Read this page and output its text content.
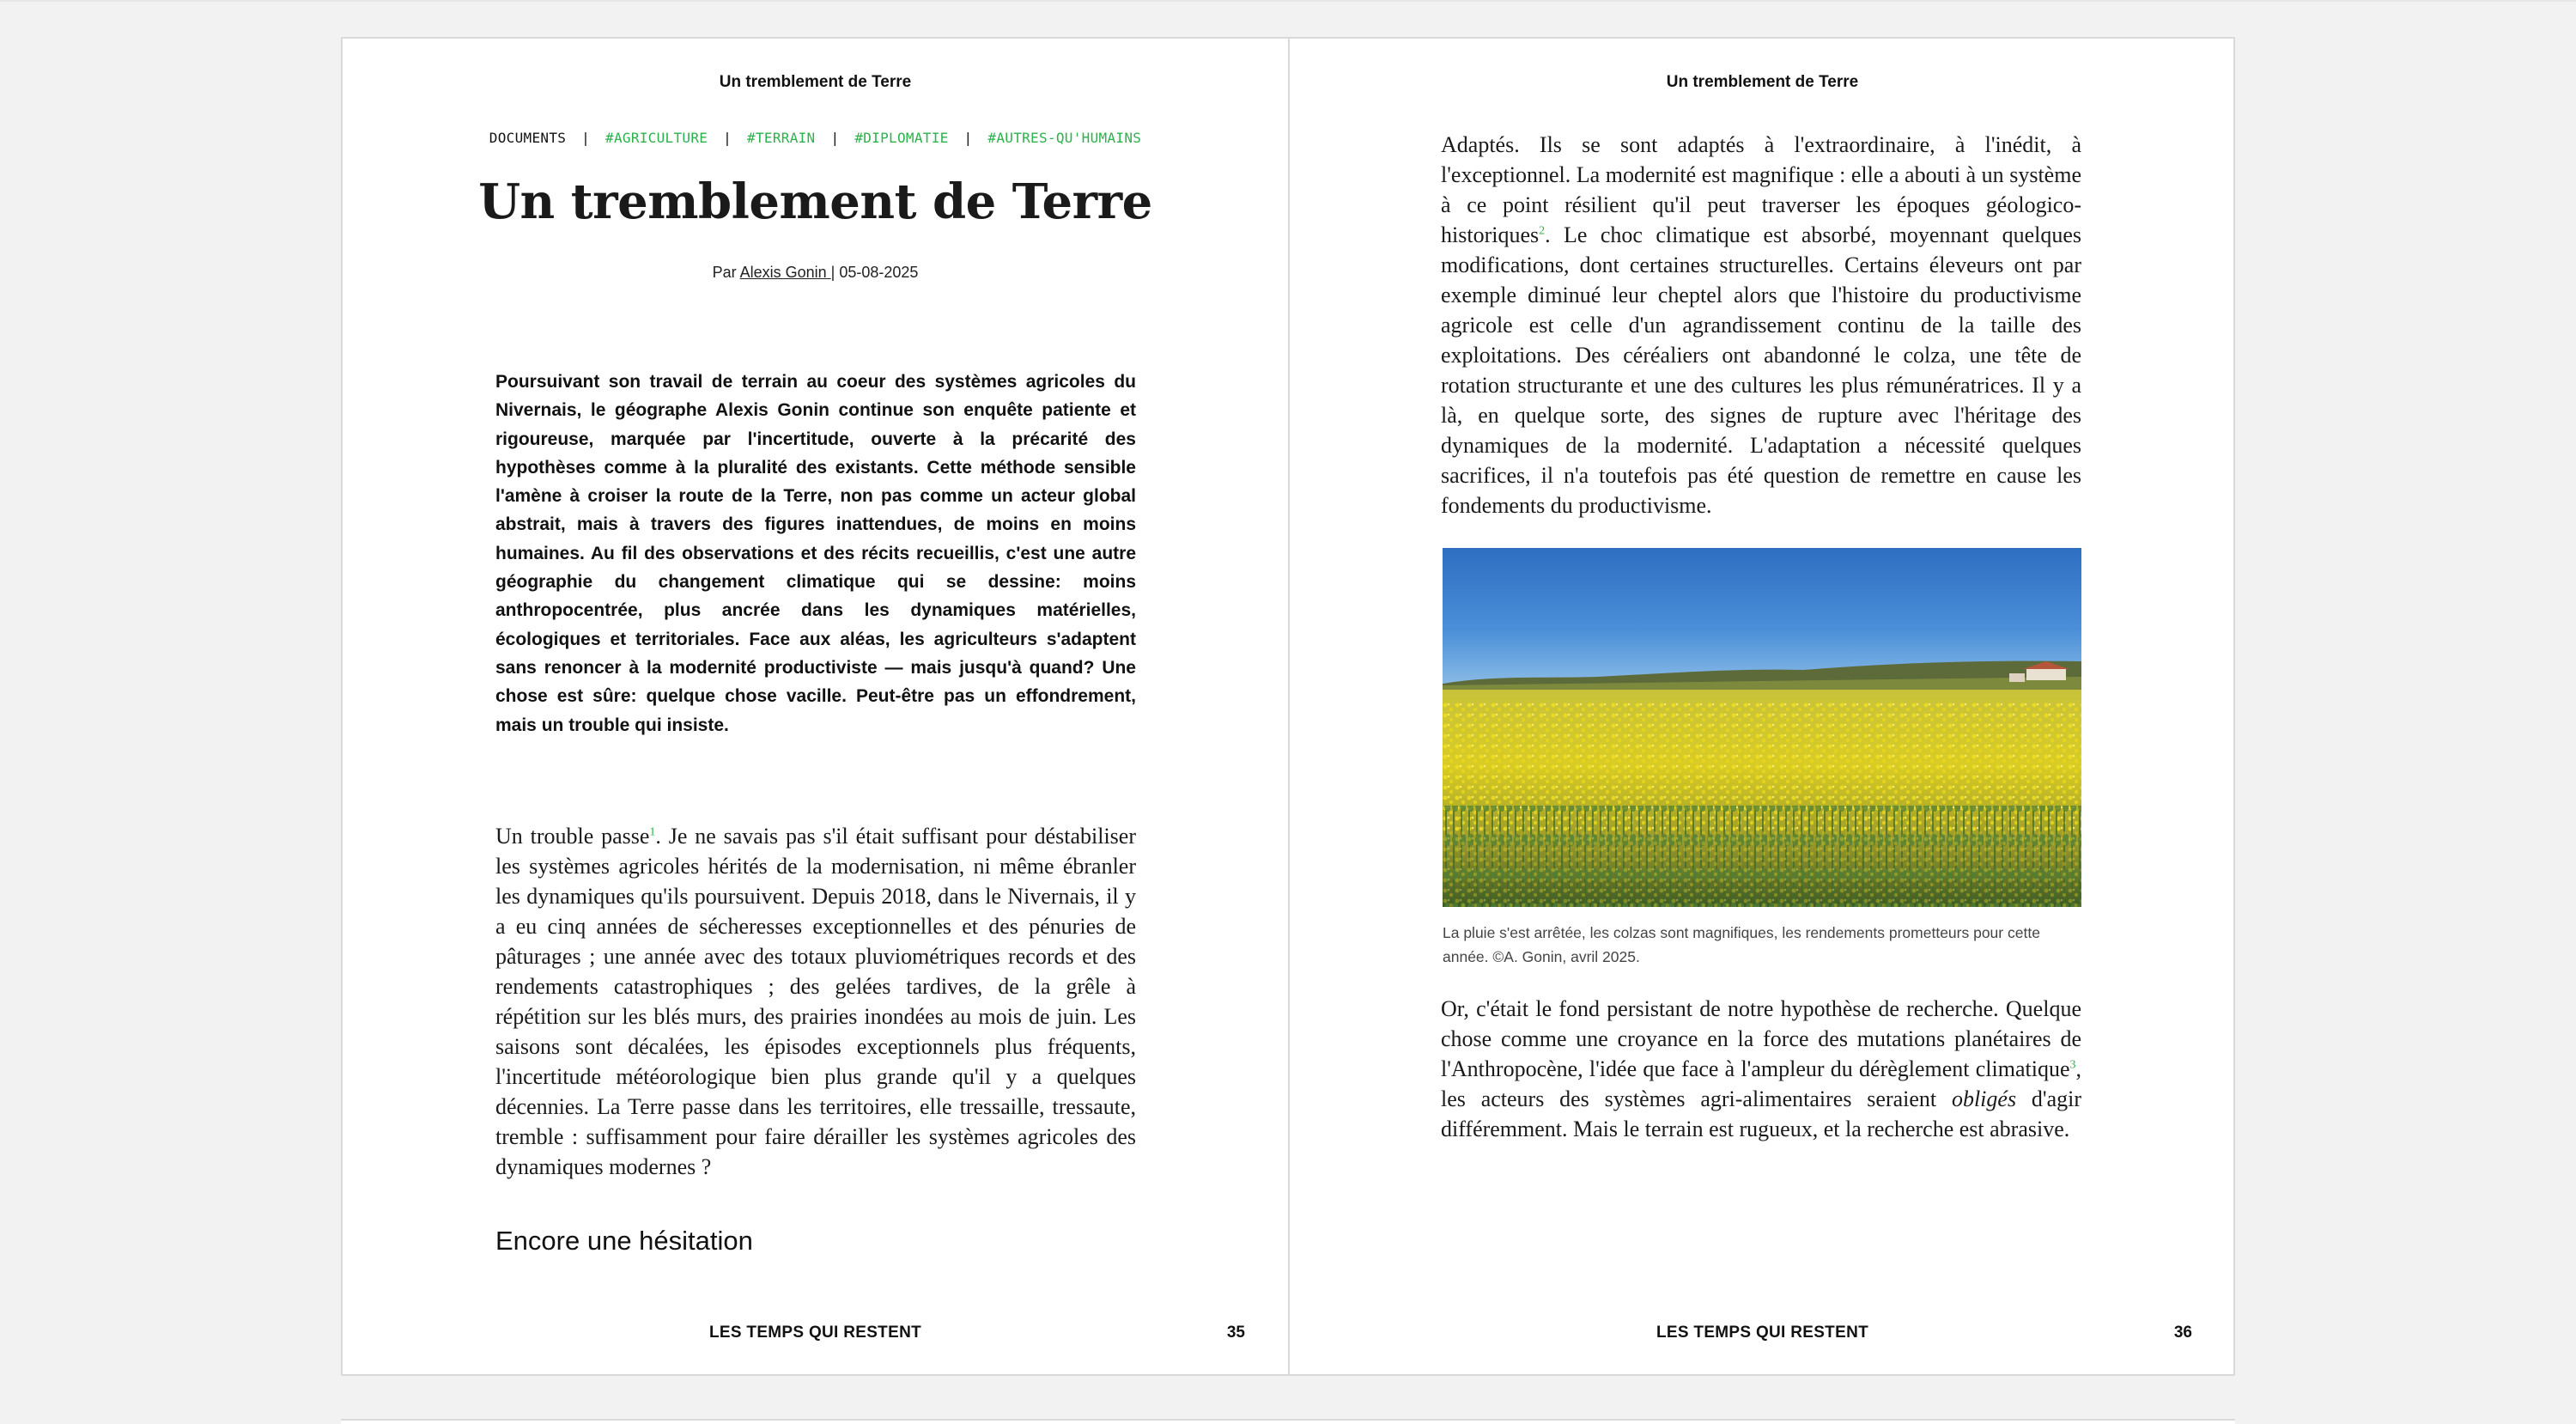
Un tremblement de Terre
DOCUMENTS | #AGRICULTURE | #TERRAIN | #DIPLOMATIE | #AUTRES-QU'HUMAINS
Un tremblement de Terre
Par Alexis Gonin | 05-08-2025

Poursuivant son travail de terrain au coeur des systèmes agricoles du Nivernais, le géographe Alexis Gonin continue son enquête patiente et rigoureuse, marquée par l'incertitude, ouverte à la précarité des hypothèses comme à la pluralité des existants. Cette méthode sensible l'amène à croiser la route de la Terre, non pas comme un acteur global abstrait, mais à travers des figures inattendues, de moins en moins humaines. Au fil des observations et des récits recueillis, c'est une autre géographie du changement climatique qui se dessine: moins anthropocentrée, plus ancrée dans les dynamiques matérielles, écologiques et territoriales. Face aux aléas, les agriculteurs s'adaptent sans renoncer à la modernité productiviste — mais jusqu'à quand? Une chose est sûre: quelque chose vacille. Peut-être pas un effondrement, mais un trouble qui insiste.

Un trouble passe$^1$. Je ne savais pas s'il était suffisant pour déstabiliser les systèmes agricoles hérités de la modernisation, ni même ébranler les dynamiques qu'ils poursuivent. Depuis 2018, dans le Nivernais, il y a eu cinq années de sécheresses exceptionnelles et des pénuries de pâturages ; une année avec des totaux pluviométriques records et des rendements catastrophiques ; des gelées tardives, de la grêle à répétition sur les blés murs, des prairies inondées au mois de juin. Les saisons sont décalées, les épisodes exceptionnels plus fréquents, l'incertitude météorologique bien plus grande qu'il y a quelques décennies. La Terre passe dans les territoires, elle tressaille, tressaute, tremble : suffisamment pour faire dérailler les systèmes agricoles des dynamiques modernes ?

Encore une hésitation
LES TEMPS QUI RESTENT	35
Un tremblement de Terre

Adaptés. Ils se sont adaptés à l'extraordinaire, à l'inédit, à l'exceptionnel. La modernité est magnifique : elle a abouti à un système à ce point résilient qu'il peut traverser les époques géologico-historiques$^2$. Le choc climatique est absorbé, moyennant quelques modifications, dont certaines structurelles. Certains éleveurs ont par exemple diminué leur cheptel alors que l'histoire du productivisme agricole est celle d'un agrandissement continu de la taille des exploitations. Des céréaliers ont abandonné le colza, une tête de rotation structurante et une des cultures les plus rémunératrices. Il y a là, en quelque sorte, des signes de rupture avec l'héritage des dynamiques de la modernité. L'adaptation a nécessité quelques sacrifices, il n'a toutefois pas été question de remettre en cause les fondements du productivisme.

La pluie s'est arrêtée, les colzas sont magnifiques, les rendements prometteurs pour cette année. ©A. Gonin, avril 2025.

Or, c'était le fond persistant de notre hypothèse de recherche. Quelque chose comme une croyance en la force des mutations planétaires de l'Anthropocène, l'idée que face à l'ampleur du dérèglement climatique$^3$, les acteurs des systèmes agri-alimentaires seraient obligés d'agir différemment. Mais le terrain est rugueux, et la recherche est abrasive.

LES TEMPS QUI RESTENT	36
